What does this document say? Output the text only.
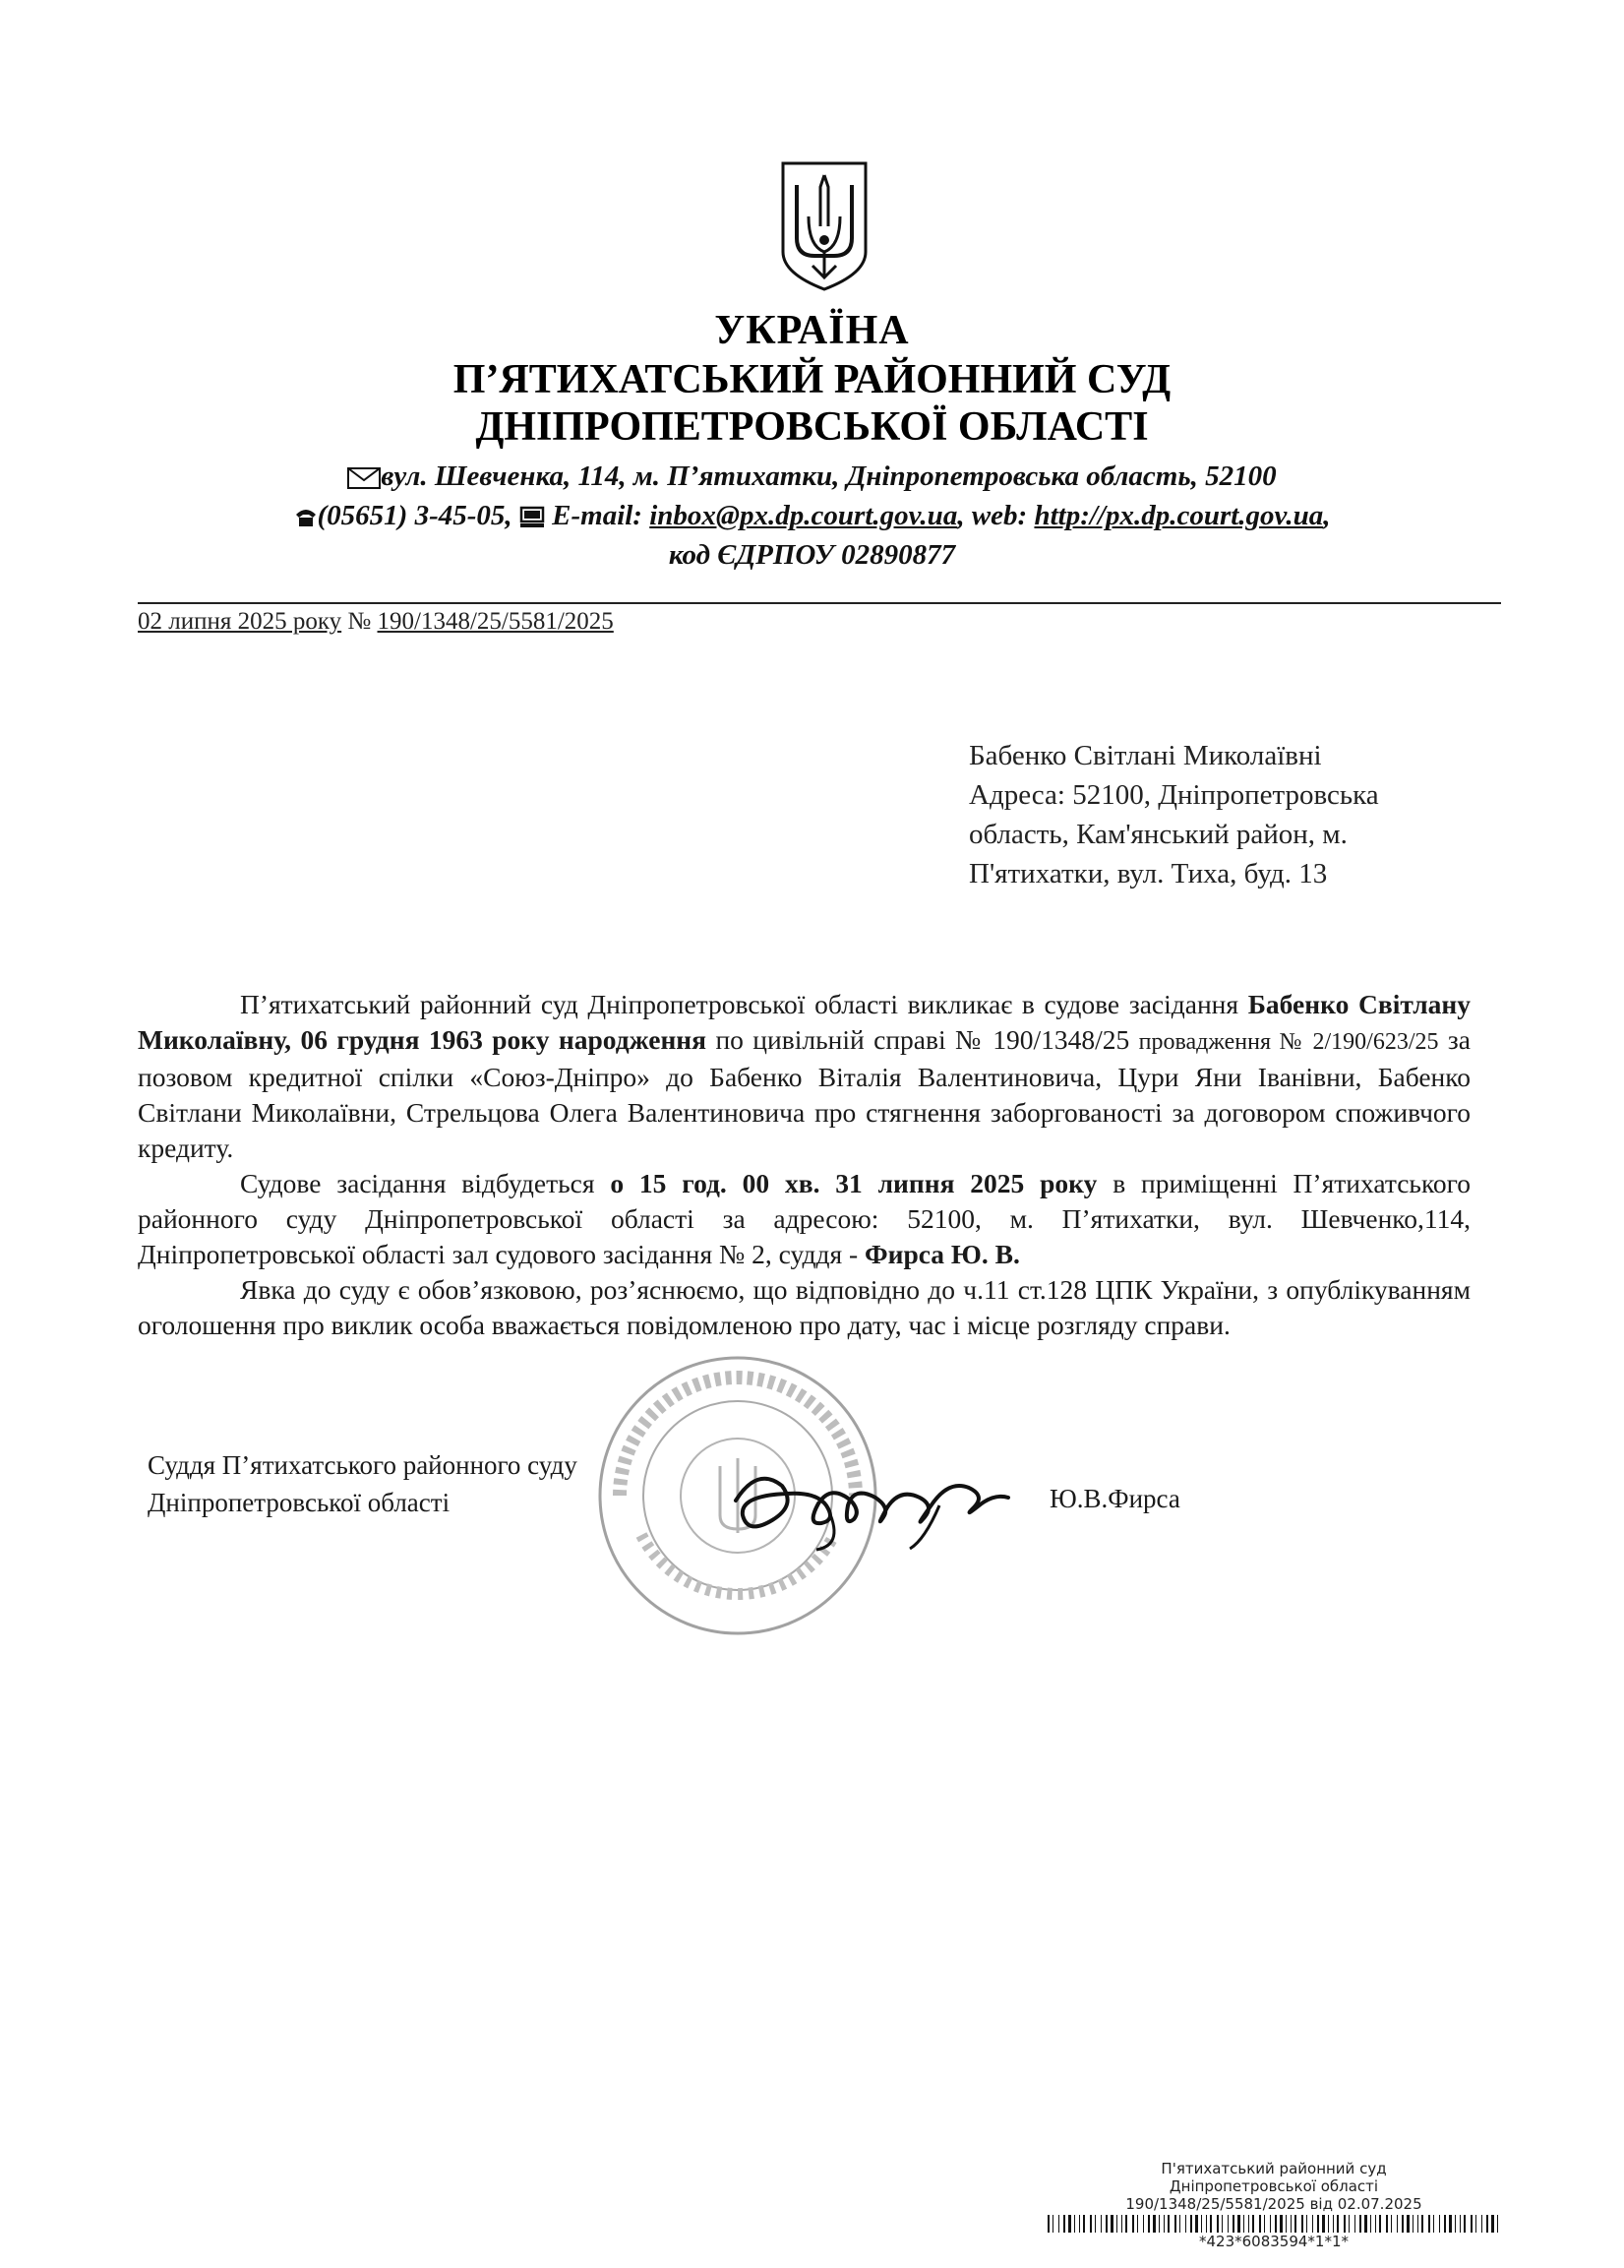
УКРАЇНА
П’ЯТИХАТСЬКИЙ РАЙОННИЙ СУД
ДНІПРОПЕТРОВСЬКОЇ ОБЛАСТІ
вул. Шевченка, 114, м. П’ятихатки, Дніпропетровська область, 52100
(05651) 3-45-05, E-mail: inbox@px.dp.court.gov.ua, web: http://px.dp.court.gov.ua,
код ЄДРПОУ 02890877
02 липня 2025 року № 190/1348/25/5581/2025
Бабенко Світлані Миколаївні
Адреса: 52100, Дніпропетровська
область, Кам'янський район, м.
П'ятихатки, вул. Тиха, буд. 13

П’ятихатський районний суд Дніпропетровської області викликає в судове засідання Бабенко Світлану Миколаївну, 06 грудня 1963 року народження по цивільній справі № 190/1348/25 провадження № 2/190/623/25 за позовом кредитної спілки «Союз-Дніпро» до Бабенко Віталія Валентиновича, Цури Яни Іванівни, Бабенко Світлани Миколаївни, Стрельцова Олега Валентиновича про стягнення заборгованості за договором споживчого кредиту.

Судове засідання відбудеться о 15 год. 00 хв. 31 липня 2025 року в приміщенні П’ятихатського районного суду Дніпропетровської області за адресою: 52100, м. П’ятихатки, вул. Шевченко,114, Дніпропетровської області зал судового засідання № 2, суддя - Фирса Ю. В.

Явка до суду є обов’язковою, роз’яснюємо, що відповідно до ч.11 ст.128 ЦПК України, з опублікуванням оголошення про виклик особа вважається повідомленою про дату, час і місце розгляду справи.

Суддя П’ятихатського районного суду
Дніпропетровської області	Ю.В.Фирса
П'ятихатський районний суд
Дніпропетровської області
190/1348/25/5581/2025 від 02.07.2025
*423*6083594*1*1*
